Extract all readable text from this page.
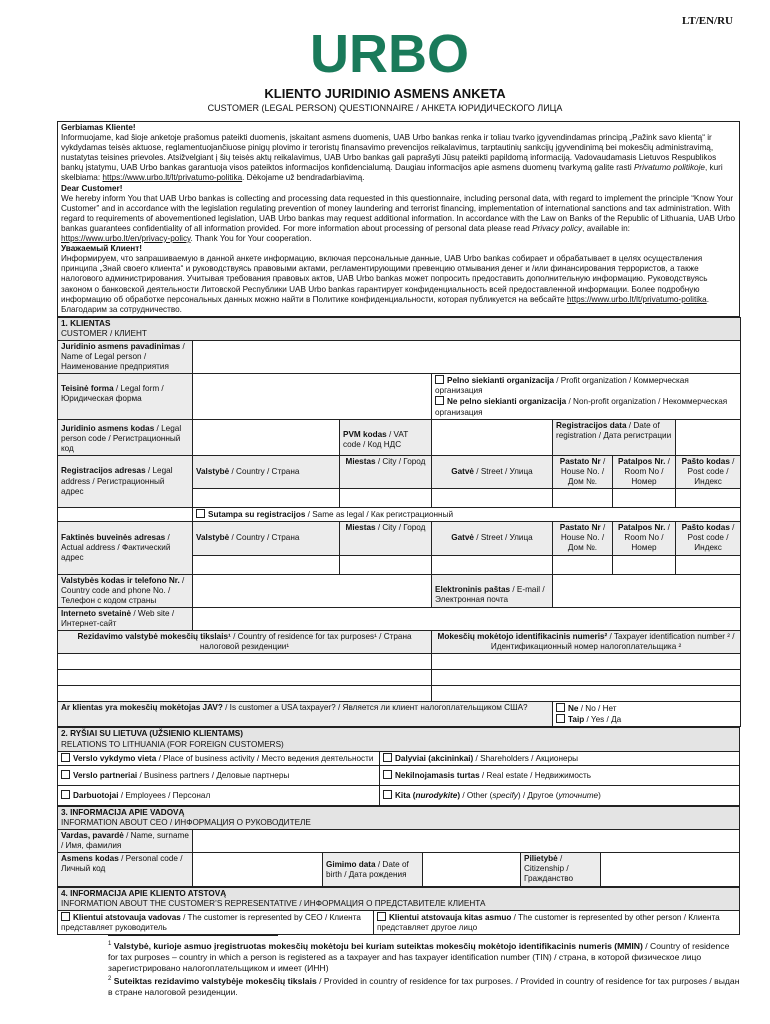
LT/EN/RU
URBO
KLIENTO JURIDINIO ASMENS ANKETA
CUSTOMER (LEGAL PERSON) QUESTIONNAIRE / АНКЕТА ЮРИДИЧЕСКОГО ЛИЦА

Gerbiamas Kliente!

Informuojame, kad šioje anketoje prašomus pateikti duomenis, įskaitant asmens duomenis, UAB Urbo bankas renka ir toliau tvarko įgyvendindamas principą „Pažink savo klientą“ ir vykdydamas teisės aktuose, reglamentuojančiuose pinigų plovimo ir teroristų finansavimo prevencijos reikalavimus, tarptautinių sankcijų įgyvendinimą bei mokesčių administravimą, nustatytas teisines prievoles. Atsižvelgiant į šių teisės aktų reikalavimus, UAB Urbo bankas gali paprašyti Jūsų pateikti papildomą informaciją. Vadovaudamasis Lietuvos Respublikos bankų įstatymu, UAB Urbo bankas garantuoja visos pateiktos informacijos konfidencialumą. Daugiau informacijos apie asmens duomenų tvarkymą galite rasti Privatumo politikoje, kuri skelbiama: https://www.urbo.lt/lt/privatumo-politika. Dėkojame už bendradarbiavimą.

Dear Customer!

We hereby inform You that UAB Urbo bankas is collecting and processing data requested in this questionnaire, including personal data, with regard to implement the principle “Know Your Customer” and in accordance with the legislation regulating prevention of money laundering and terrorist financing, implementation of international sanctions and tax administration. With regard to requirements of abovementioned legislation, UAB Urbo bankas may request additional information. In accordance with the Law on Banks of the Republic of Lithuania, UAB Urbo bankas guarantees confidentiality of all information provided. For more information about processing of personal data please read Privacy policy, available in: https://www.urbo.lt/en/privacy-policy. Thank You for Your cooperation.

Уважаемый Клиент!

Информируем, что запрашиваемую в данной анкете информацию, включая персональные данные, UAB Urbo bankas собирает и обрабатывает в целях осуществления принципа „Знай своего клиента“ и руководствуясь правовыми актами, регламентирующими превенцию отмывания денег и /или финансирования террористов, а также налогового администрирования. Учитывая требования правовых актов, UAB Urbo bankas может попросить предоставить дополнительную информацию. Руководствуясь законом о банковской деятельности Литовской Республики UAB Urbo bankas гарантирует конфиденциальность всей предоставленной информации. Более подробную информацию об обработке персональных данных можно найти в Политике конфиденциальности, которая публикуется на вебсайте https://www.urbo.lt/lt/privatumo-politika. Благодарим за сотрудничество.

1. KLIENTAS
CUSTOMER / КЛИЕНТ						
Juridinio asmens pavadinimas / Name of Legal person / Наименование предприятия						
Teisinė forma / Legal form / Юридическая форма			Pelno siekianti organizacija / Profit organization / Коммерческая организация
Ne pelno siekianti organizacija / Non-profit organization / Некоммерческая организация			

Juridinio asmens kodas / Legal person code / Регистрационный код		PVM kodas / VAT code / Код НДС		Registracijos data / Date of registration / Дата регистрации		
Registracijos adresas / Legal address / Регистрационный адрес	Valstybė / Country / Страна	Miestas / City / Город	Gatvė / Street / Улица	Pastato Nr / House No. / Дом №.	Patalpos Nr. / Room No / Номер	Pašto kodas / Post code / Индекс

	Sutampa su registracijos / Same as legal / Как регистрационный					
Faktinės buveinės adresas / Actual address / Фактический адрес	Valstybė / Country / Страна	Miestas / City / Город	Gatvė / Street / Улица	Pastato Nr / House No. / Дом №.	Patalpos Nr. / Room No / Номер	Pašto kodas / Post code / Индекс

Valstybės kodas ir telefono Nr. / Country code and phone No. / Телефон с кодом страны			Elektroninis paštas / E-mail / Электронная почта			
Interneto svetainė / Web site / Интернет-сайт						
Rezidavimo valstybė mokesčių tikslais¹ / Country of residence for tax purposes¹ / Страна налоговой резиденции¹			Mokesčių mokėtojo identifikacinis numeris² / Taxpayer identification number ² / Идентификационный номер налогоплательщика ²			

Ar klientas yra mokesčių mokėtojas JAV? / Is customer a USA taxpayer? / Является ли клиент налогоплательщиком США?				Ne / No / Нет
Taip / Yes / Да		
2. RYŠIAI SU LIETUVA (UŽSIENIO KLIENTAMS)
RELATIONS TO LITHUANIA (FOR FOREIGN CUSTOMERS)	
Verslo vykdymo vieta / Place of business activity / Место ведения деятельности	Dalyviai (akcininkai) / Shareholders / Акционеры
Verslo partneriai / Business partners / Деловые партнеры	Nekilnojamasis turtas / Real estate / Недвижимость
Darbuotojai / Employees / Персонал	Kita (nurodykite) / Other (specify) / Другое (уточните)
3. INFORMACIJA APIE VADOVĄ
INFORMATION ABOUT CEO / ИНФОРМАЦИЯ О РУКОВОДИТЕЛЕ					
Vardas, pavardė / Name, surname / Имя, фамилия					
Asmens kodas / Personal code / Личный код		Gimimo data / Date of birth / Дата рождения		Pilietybė / Citizenship / Гражданство	
4. INFORMACIJA APIE KLIENTO ATSTOVĄ
INFORMATION ABOUT THE CUSTOMER’S REPRESENTATIVE / ИНФОРМАЦИЯ О ПРЕДСТАВИТЕЛЕ КЛИЕНТА
Klientui atstovauja vadovas / The customer is represented by CEO / Клиента представляет руководитель	Klientui atstovauja kitas asmuo / The customer is represented by other person / Клиента представляет другое лицо
$^1$ Valstybė, kurioje asmuo įregistruotas mokesčių mokėtoju bei kuriam suteiktas mokesčių mokėtojo identifikacinis numeris (MMIN) / Country of residence for tax purposes – country in which a person is registered as a taxpayer and has taxpayer identification number (TIN) / страна, в которой физическое лицо зарегистрировано налогоплательщиком и имеет (ИНН)
$^2$ Suteiktas rezidavimo valstybėje mokesčių tikslais / Provided in country of residence for tax purposes. / Provided in country of residence for tax purposes / выдан в стране налоговой резиденции.
